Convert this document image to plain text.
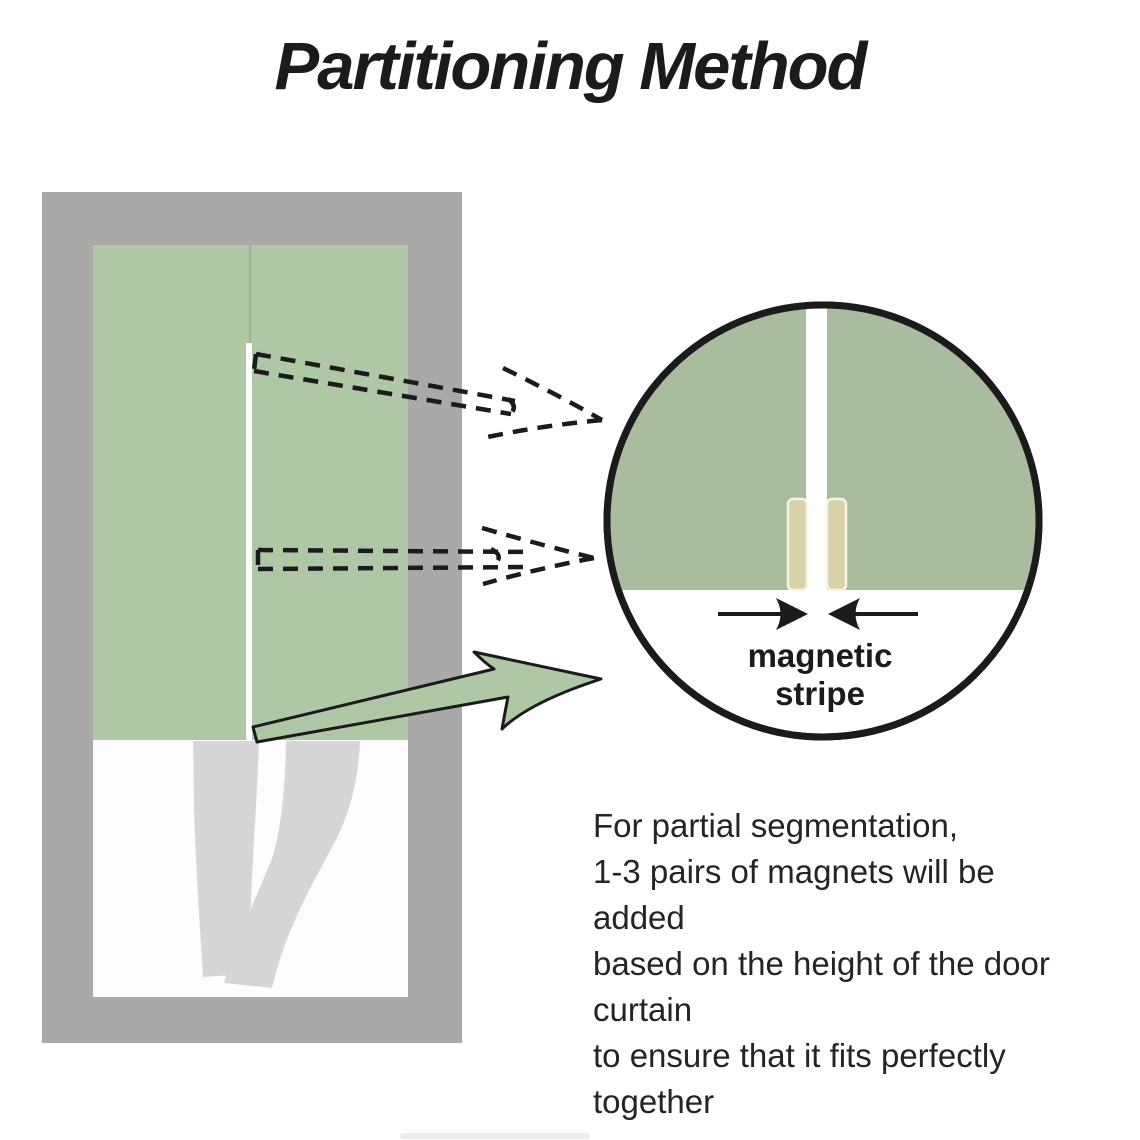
Partitioning Method
magnetic stripe
For partial segmentation,
1-3 pairs of magnets will be added
based on the height of the door curtain
to ensure that it fits perfectly together
